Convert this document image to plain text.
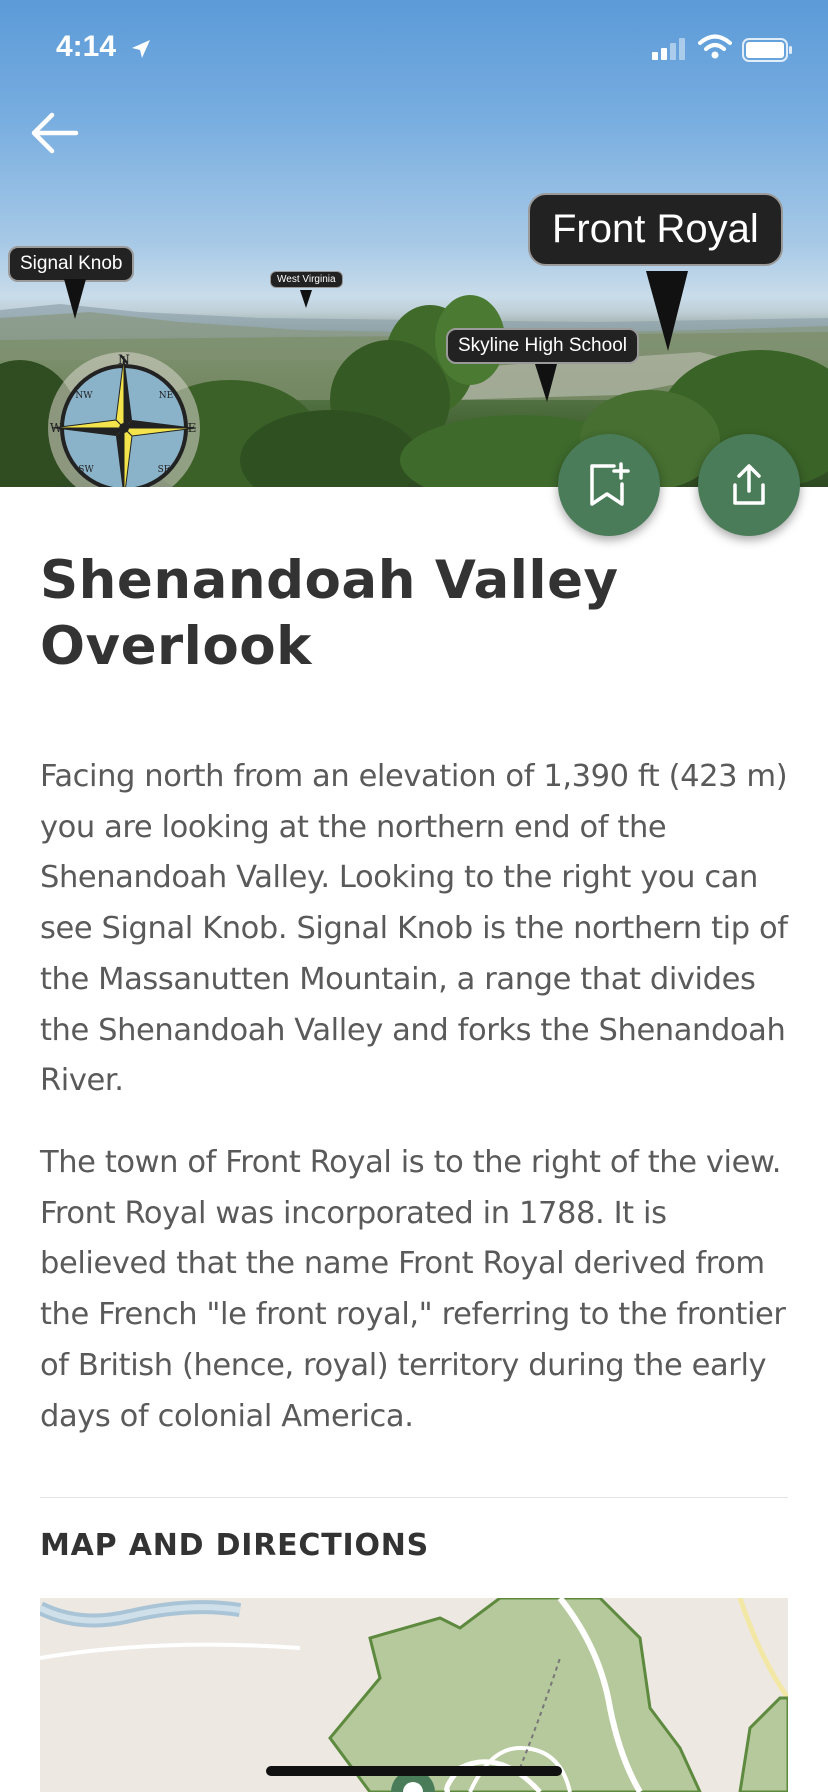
4:14
Signal Knob
West Virginia
Front Royal
Skyline High School
N
NE
E
SE
SW
W
NW
Shenandoah Valley Overlook

Facing north from an elevation of 1,390 ft (423 m) you are looking at the northern end of the Shenandoah Valley. Looking to the right you can see Signal Knob. Signal Knob is the northern tip of the Massanutten Mountain, a range that divides the Shenandoah Valley and forks the Shenandoah River.

The town of Front Royal is to the right of the view. Front Royal was incorporated in 1788. It is believed that the name Front Royal derived from the French "le front royal," referring to the frontier of British (hence, royal) territory during the early days of colonial America.

MAP AND DIRECTIONS
